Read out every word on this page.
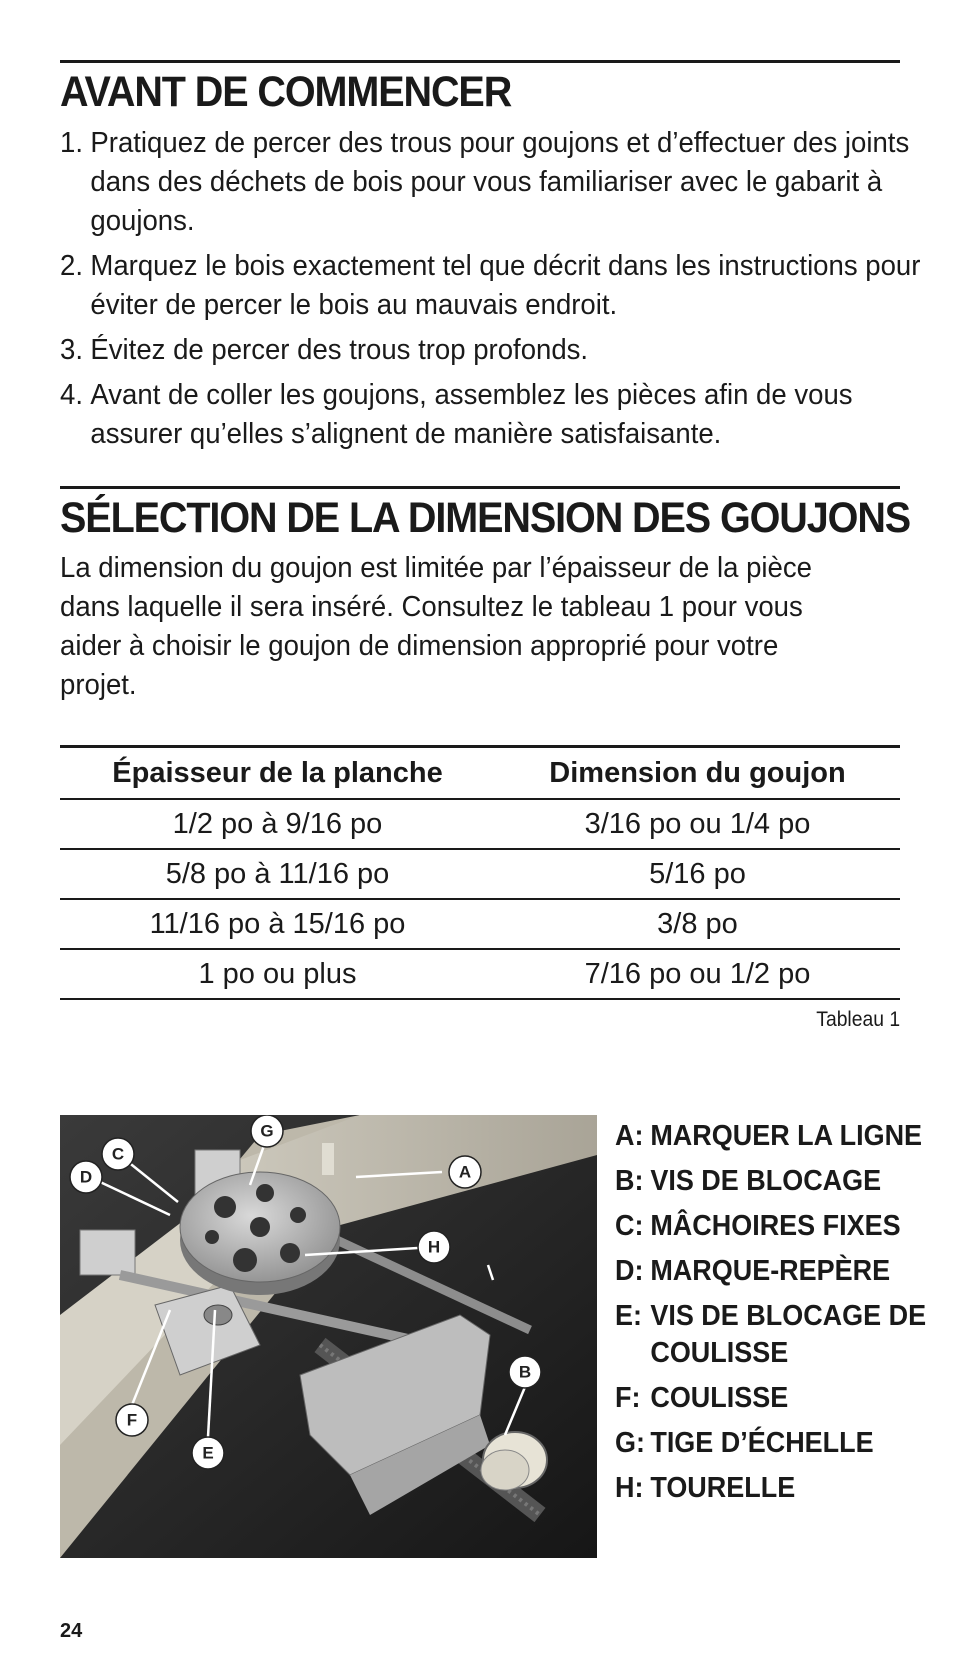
AVANT DE COMMENCER
1. Pratiquez de percer des trous pour goujons et d’effectuer des joints dans des déchets de bois pour vous familiariser avec le gabarit à goujons.
2. Marquez le bois exactement tel que décrit dans les instructions pour éviter de percer le bois au mauvais endroit.
3. Évitez de percer des trous trop profonds.
4. Avant de coller les goujons, assemblez les pièces afin de vous assurer qu’elles s’alignent de manière satisfaisante.
SÉLECTION DE LA DIMENSION DES GOUJONS

La dimension du goujon est limitée par l’épaisseur de la pièce dans laquelle il sera inséré. Consultez le tableau 1 pour vous aider à choisir le goujon de dimension approprié pour votre projet.

Épaisseur de la planche	Dimension du goujon
1/2 po à 9/16 po	3/16 po ou 1/4 po
5/8 po à 11/16 po	5/16 po
11/16 po à 15/16 po	3/8 po
1 po ou plus	7/16 po ou 1/2 po
Tableau 1
A
B
C
D
E
F
G
H
A: MARQUER LA LIGNE
B: VIS DE BLOCAGE
C: MÂCHOIRES FIXES
D: MARQUE-REPÈRE
E: VIS DE BLOCAGE DE COULISSE
F: COULISSE
G: TIGE D’ÉCHELLE
H: TOURELLE
24
